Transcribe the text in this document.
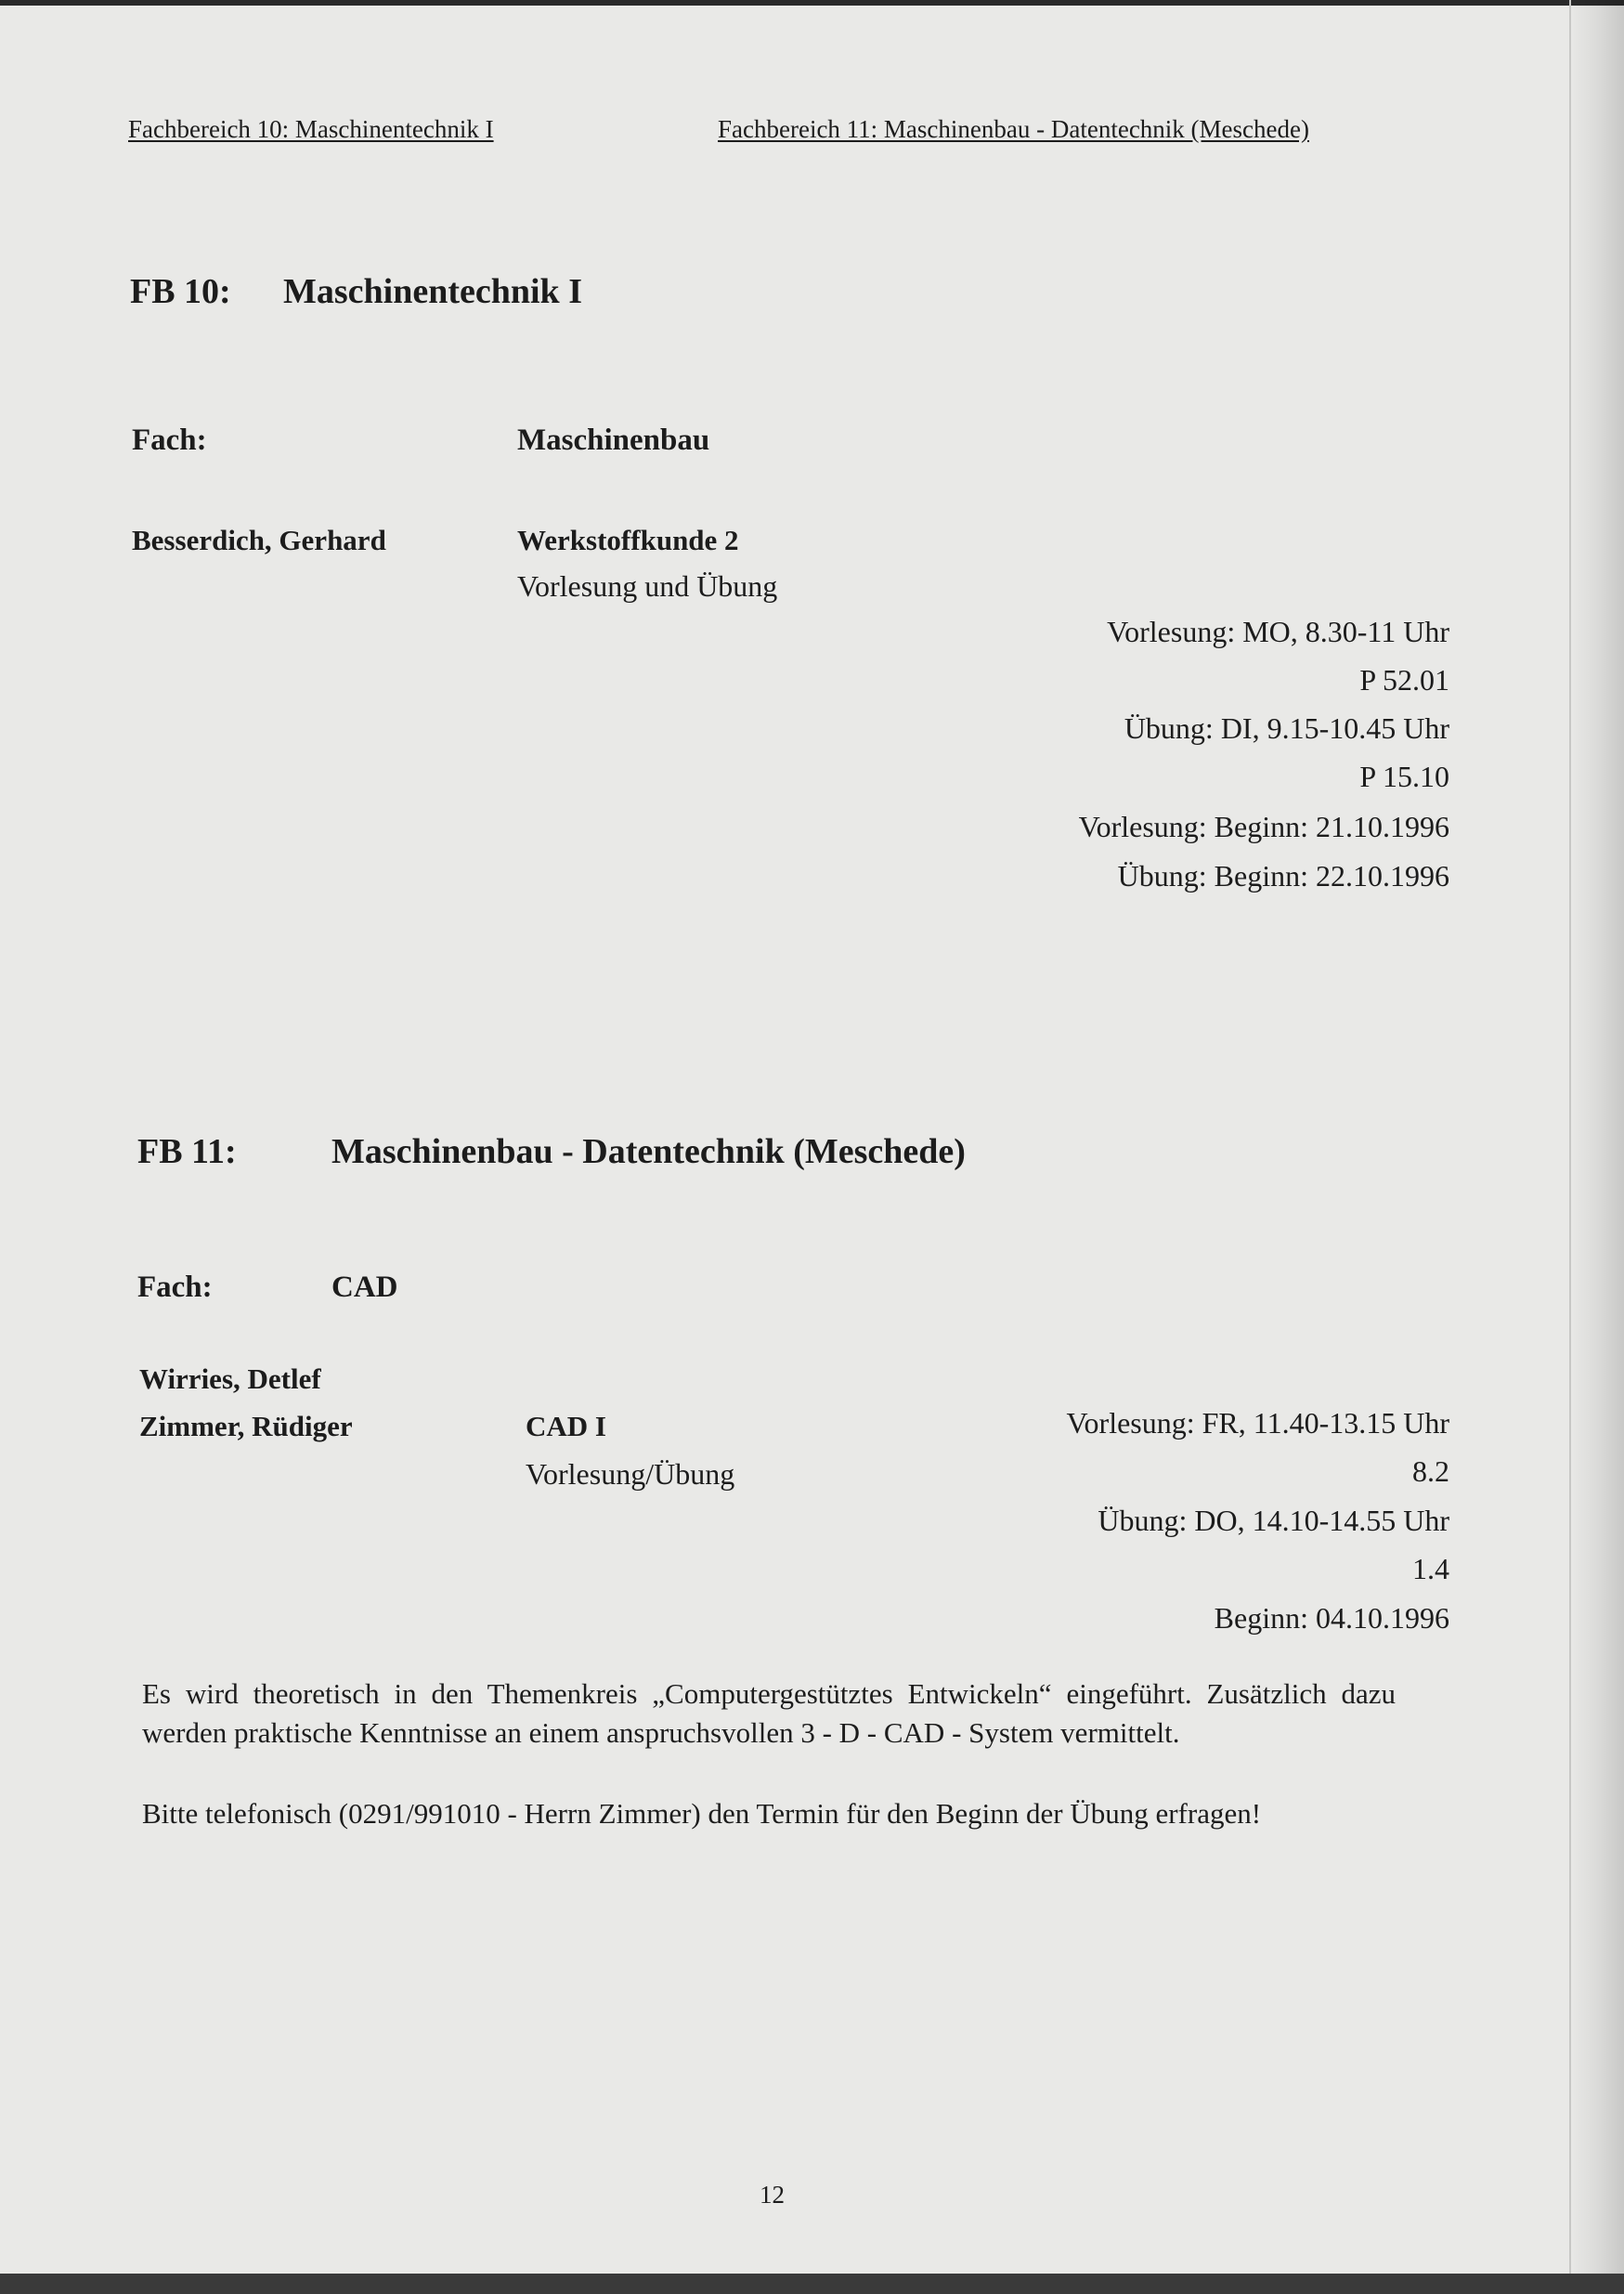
Fachbereich 10: Maschinentechnik I	Fachbereich 11: Maschinenbau - Datentechnik (Meschede)
FB 10: Maschinentechnik I
Fach:	Maschinenbau
Besserdich, Gerhard	Werkstoffkunde 2
Vorlesung und Übung
Vorlesung: MO, 8.30-11 Uhr
P 52.01
Übung: DI, 9.15-10.45 Uhr
P 15.10
Vorlesung: Beginn: 21.10.1996
Übung: Beginn: 22.10.1996
FB 11:	Maschinenbau - Datentechnik (Meschede)
Fach:	CAD
Wirries, Detlef
Zimmer, Rüdiger	CAD I
Vorlesung/Übung
Vorlesung: FR, 11.40-13.15 Uhr
8.2
Übung: DO, 14.10-14.55 Uhr
1.4
Beginn: 04.10.1996

Es wird theoretisch in den Themenkreis „Computergestütztes Entwickeln“ eingeführt. Zusätzlich dazu werden praktische Kenntnisse an einem anspruchsvollen 3 - D - CAD - System vermittelt.

Bitte telefonisch (0291/991010 - Herrn Zimmer) den Termin für den Beginn der Übung erfragen!

12
